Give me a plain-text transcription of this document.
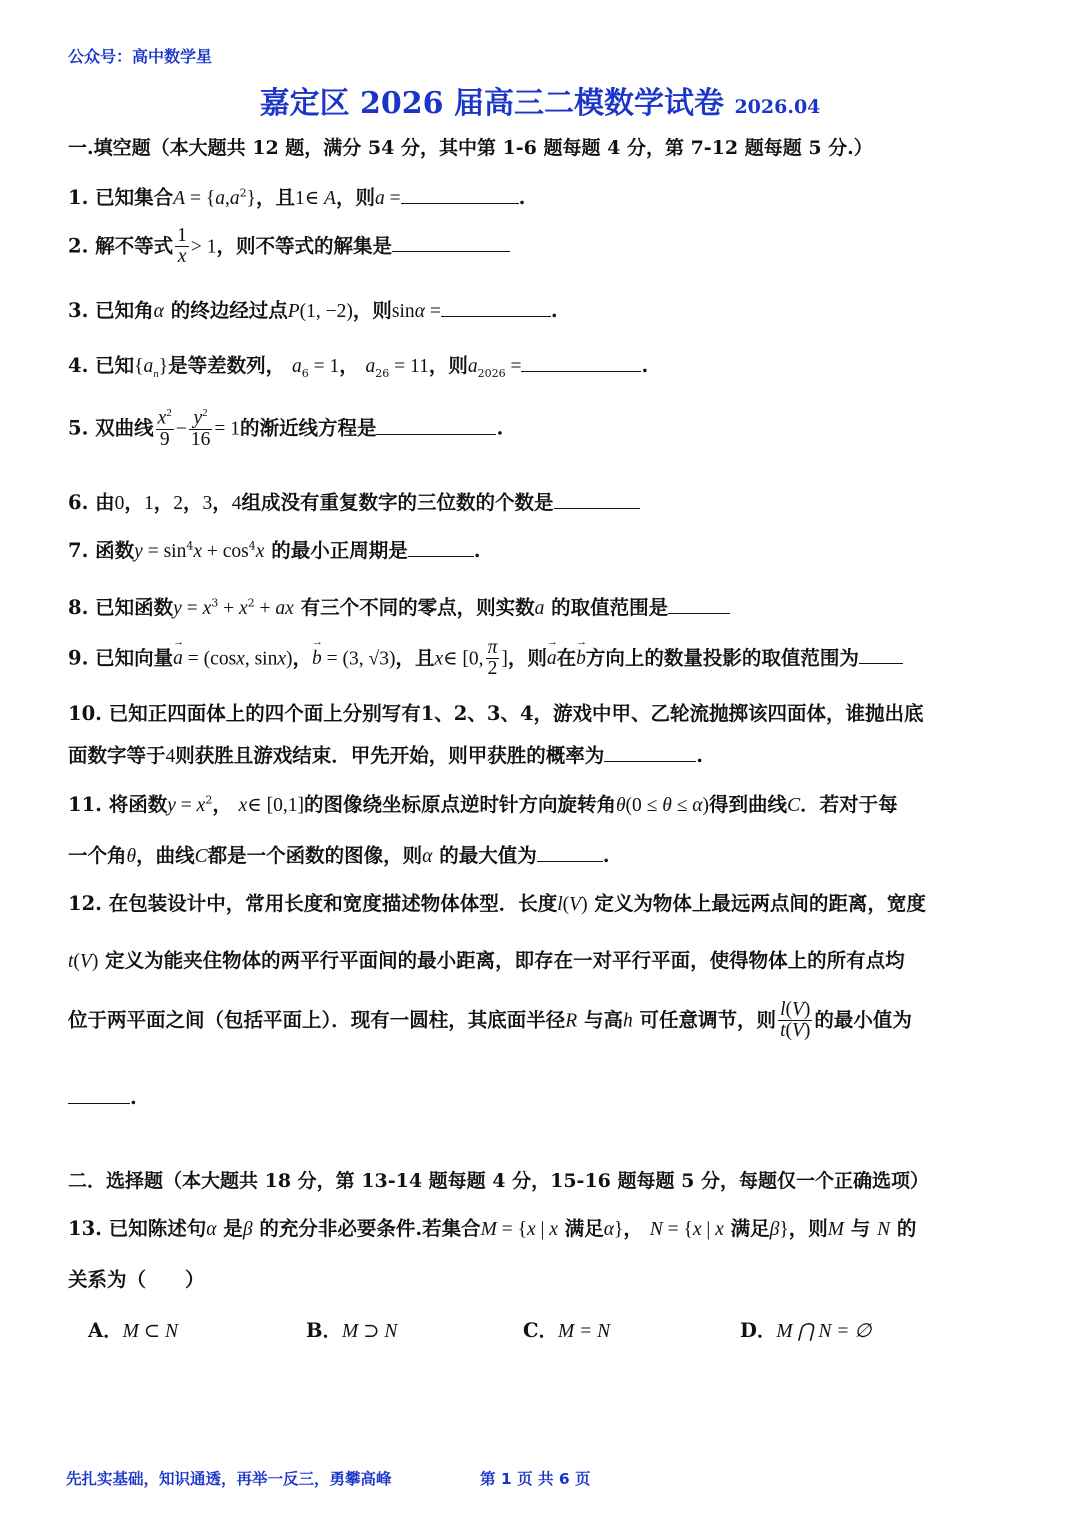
公众号：高中数学星
嘉定区 2026 届高三二模数学试卷 2026.04
一.填空题（本大题共 12 题，满分 54 分，其中第 1-6 题每题 4 分，第 7-12 题每题 5 分.）
1. 已知集合$A = \{a,a^2\}$，且1∈ A，则a =	.
2. 解不等式 $\frac{1}{x} > 1$，则不等式的解集是
3. 已知角α 的终边经过点P(1, −2)，则sinα =	.
4. 已知$\{a_n\}$是等差数列， $a_6 = 1$， $a_{26} = 11$，则$a_{2026}$ =	.
5. 双曲线 $\frac{x^2}{9} - \frac{y^2}{16} = 1$的渐近线方程是	.
6. 由0，1，2，3，4组成没有重复数字的三位数的个数是
7. 函数$y = \sin^4x + \cos^4x$ 的最小正周期是	.
8. 已知函数$y = x^3 + x^2$ + ax 有三个不同的零点，则实数a 的取值范围是
9. 已知向量→ a = (cosx, sinx)，→ b = (3, √3)，且x∈ [0, $\frac{\pi}{2}$ ]，则→ a在→ b方向上的数量投影的取值范围为
10. 已知正四面体上的四个面上分别写有1、2、3、4，游戏中甲、乙轮流抛掷该四面体，谁抛出底
面数字等于4则获胜且游戏结束．甲先开始，则甲获胜的概率为	.
11. 将函数$y = x^2$， x∈ [0,1]的图像绕坐标原点逆时针方向旋转角θ(0 ≤ θ ≤ α)得到曲线C．若对于每
一个角θ，曲线C都是一个函数的图像，则α 的最大值为	.
12. 在包装设计中，常用长度和宽度描述物体体型．长度l(V) 定义为物体上最远两点间的距离，宽度
t(V) 定义为能夹住物体的两平行平面间的最小距离，即存在一对平行平面，使得物体上的所有点均
位于两平面之间（包括平面上）．现有一圆柱，其底面半径R 与高h 可任意调节，则 $\frac{l(V)}{t(V)}$ 的最小值为
.
二．选择题（本大题共 18 分，第 13-14 题每题 4 分，15-16 题每题 5 分，每题仅一个正确选项）
13. 已知陈述句α 是β 的充分非必要条件.若集合M = {x | x 满足α}， N = {x | x 满足β}，则M 与 N 的
关系为（　　）
A．M ⊂ N	B．M ⊃ N	C．M = N	D．M ⋂ N = ∅
先扎实基础，知识通透，再举一反三，勇攀高峰	第 1 页 共 6 页
